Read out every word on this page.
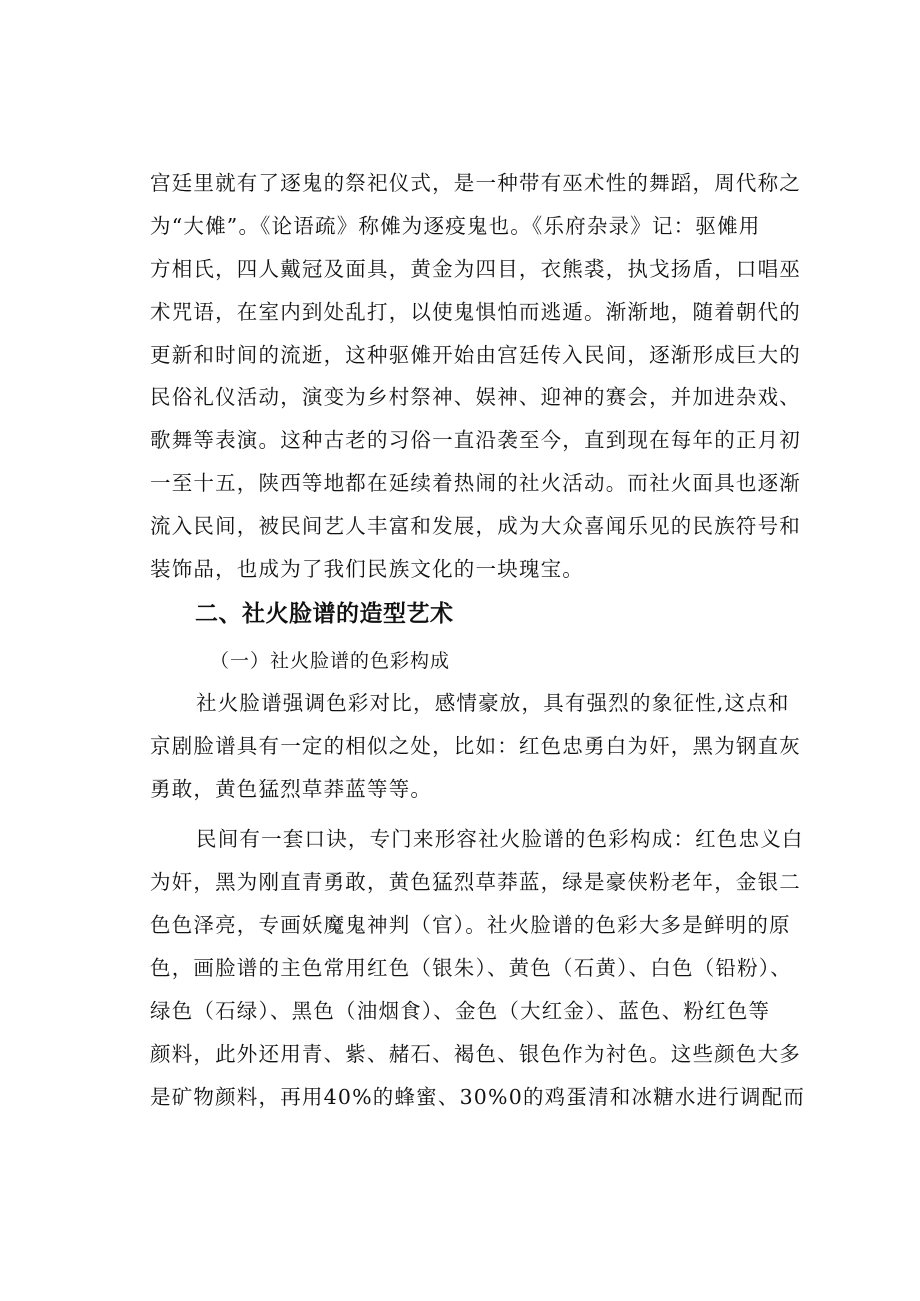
宫廷里就有了逐鬼的祭祀仪式，是一种带有巫术性的舞蹈，周代称之
为“大傩”。《论语疏》称傩为逐疫鬼也。《乐府杂录》记：驱傩用
方相氏，四人戴冠及面具，黄金为四目，衣熊裘，执戈扬盾，口唱巫
术咒语，在室内到处乱打，以使鬼惧怕而逃遁。渐渐地，随着朝代的
更新和时间的流逝，这种驱傩开始由宫廷传入民间，逐渐形成巨大的
民俗礼仪活动，演变为乡村祭神、娱神、迎神的赛会，并加进杂戏、
歌舞等表演。这种古老的习俗一直沿袭至今，直到现在每年的正月初
一至十五，陕西等地都在延续着热闹的社火活动。而社火面具也逐渐
流入民间，被民间艺人丰富和发展，成为大众喜闻乐见的民族符号和
装饰品，也成为了我们民族文化的一块瑰宝。
二、社火脸谱的造型艺术
（一）社火脸谱的色彩构成
社火脸谱强调色彩对比，感情豪放，具有强烈的象征性,这点和
京剧脸谱具有一定的相似之处，比如：红色忠勇白为奸，黑为钢直灰
勇敢，黄色猛烈草莽蓝等等。
民间有一套口诀，专门来形容社火脸谱的色彩构成：红色忠义白
为奸，黑为刚直青勇敢，黄色猛烈草莽蓝，绿是豪侠粉老年，金银二
色色泽亮，专画妖魔鬼神判（官）。社火脸谱的色彩大多是鲜明的原
色，画脸谱的主色常用红色（银朱）、黄色（石黄）、白色（铅粉）、
绿色（石绿）、黑色（油烟食）、金色（大红金）、蓝色、粉红色等
颜料，此外还用青、紫、赭石、褐色、银色作为衬色。这些颜色大多
是矿物颜料，再用40%的蜂蜜、30%0的鸡蛋清和冰糖水进行调配而
